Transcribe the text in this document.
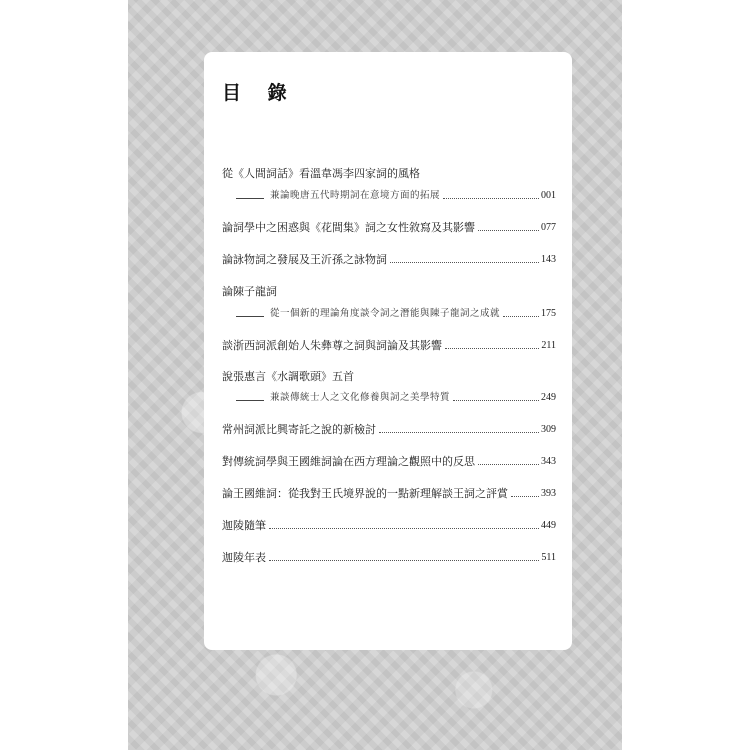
目 錄
從《人間詞話》看溫韋馮李四家詞的風格
兼論晚唐五代時期詞在意境方面的拓展	001
論詞學中之困惑與《花間集》詞之女性敘寫及其影響	077
論詠物詞之發展及王沂孫之詠物詞	143
論陳子龍詞
從一個新的理論角度談令詞之潛能與陳子龍詞之成就	175
談浙西詞派創始人朱彝尊之詞與詞論及其影響	211
說張惠言《水調歌頭》五首
兼談傳統士人之文化修養與詞之美學特質	249
常州詞派比興寄託之說的新檢討	309
對傳統詞學與王國維詞論在西方理論之觀照中的反思	343
論王國維詞：從我對王氏境界說的一點新理解談王詞之評賞	393
迦陵隨筆	449
迦陵年表	511
